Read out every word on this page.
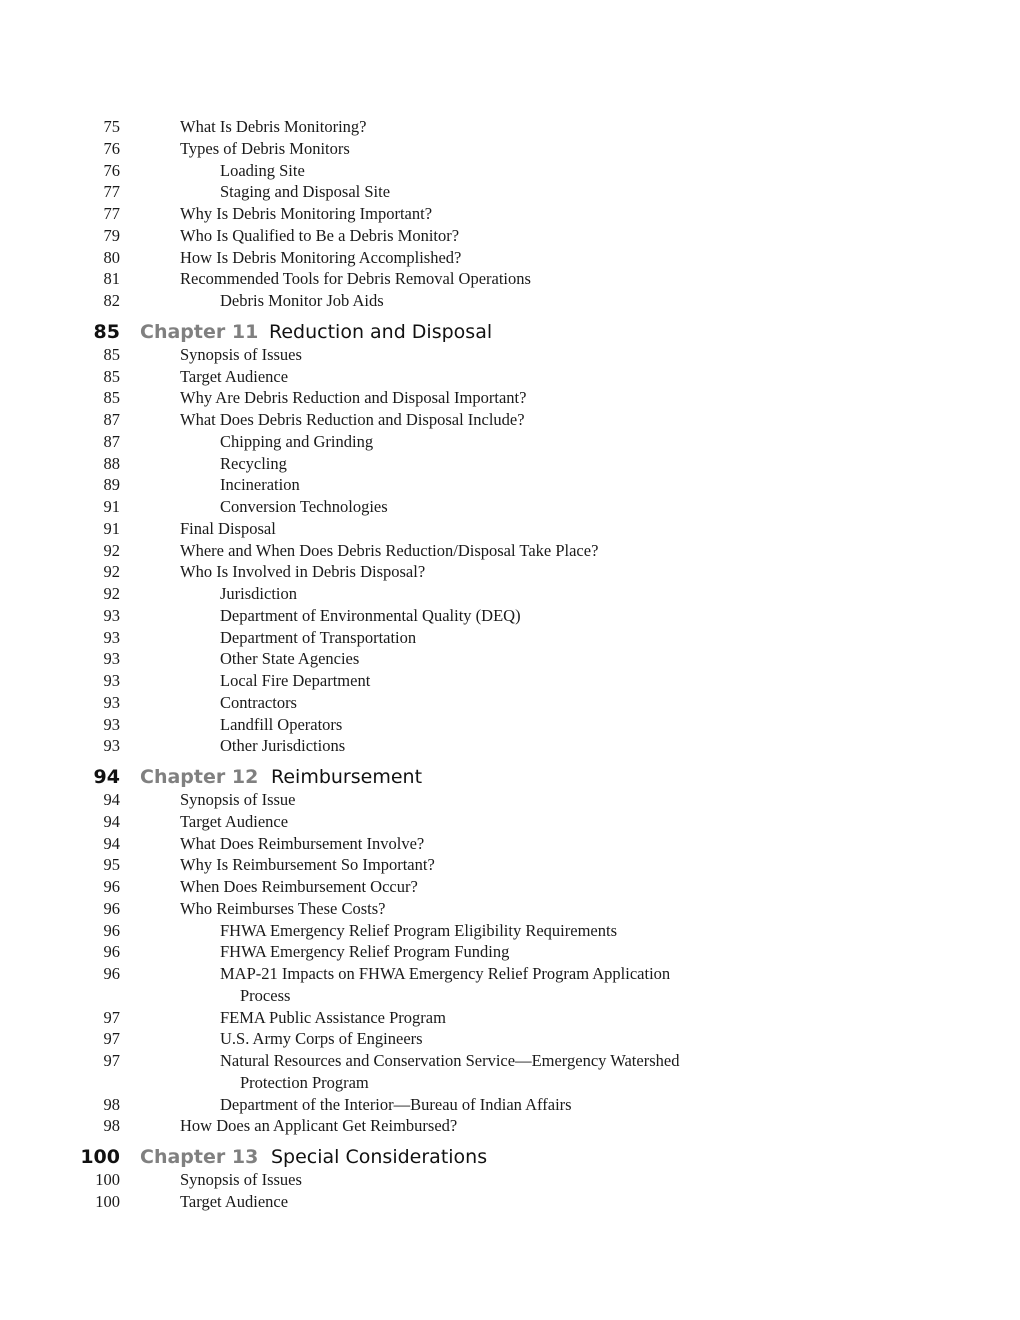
75	What Is Debris Monitoring?
76	Types of Debris Monitors
76	Loading Site
77	Staging and Disposal Site
77	Why Is Debris Monitoring Important?
79	Who Is Qualified to Be a Debris Monitor?
80	How Is Debris Monitoring Accomplished?
81	Recommended Tools for Debris Removal Operations
82	Debris Monitor Job Aids
85 Chapter 11 Reduction and Disposal
85	Synopsis of Issues
85	Target Audience
85	Why Are Debris Reduction and Disposal Important?
87	What Does Debris Reduction and Disposal Include?
87	Chipping and Grinding
88	Recycling
89	Incineration
91	Conversion Technologies
91	Final Disposal
92	Where and When Does Debris Reduction/Disposal Take Place?
92	Who Is Involved in Debris Disposal?
92	Jurisdiction
93	Department of Environmental Quality (DEQ)
93	Department of Transportation
93	Other State Agencies
93	Local Fire Department
93	Contractors
93	Landfill Operators
93	Other Jurisdictions
94 Chapter 12 Reimbursement
94	Synopsis of Issue
94	Target Audience
94	What Does Reimbursement Involve?
95	Why Is Reimbursement So Important?
96	When Does Reimbursement Occur?
96	Who Reimburses These Costs?
96	FHWA Emergency Relief Program Eligibility Requirements
96	FHWA Emergency Relief Program Funding
96	MAP-21 Impacts on FHWA Emergency Relief Program Application
Process
97	FEMA Public Assistance Program
97	U.S. Army Corps of Engineers
97	Natural Resources and Conservation Service—Emergency Watershed
Protection Program
98	Department of the Interior—Bureau of Indian Affairs
98	How Does an Applicant Get Reimbursed?
100 Chapter 13 Special Considerations
100	Synopsis of Issues
100	Target Audience
